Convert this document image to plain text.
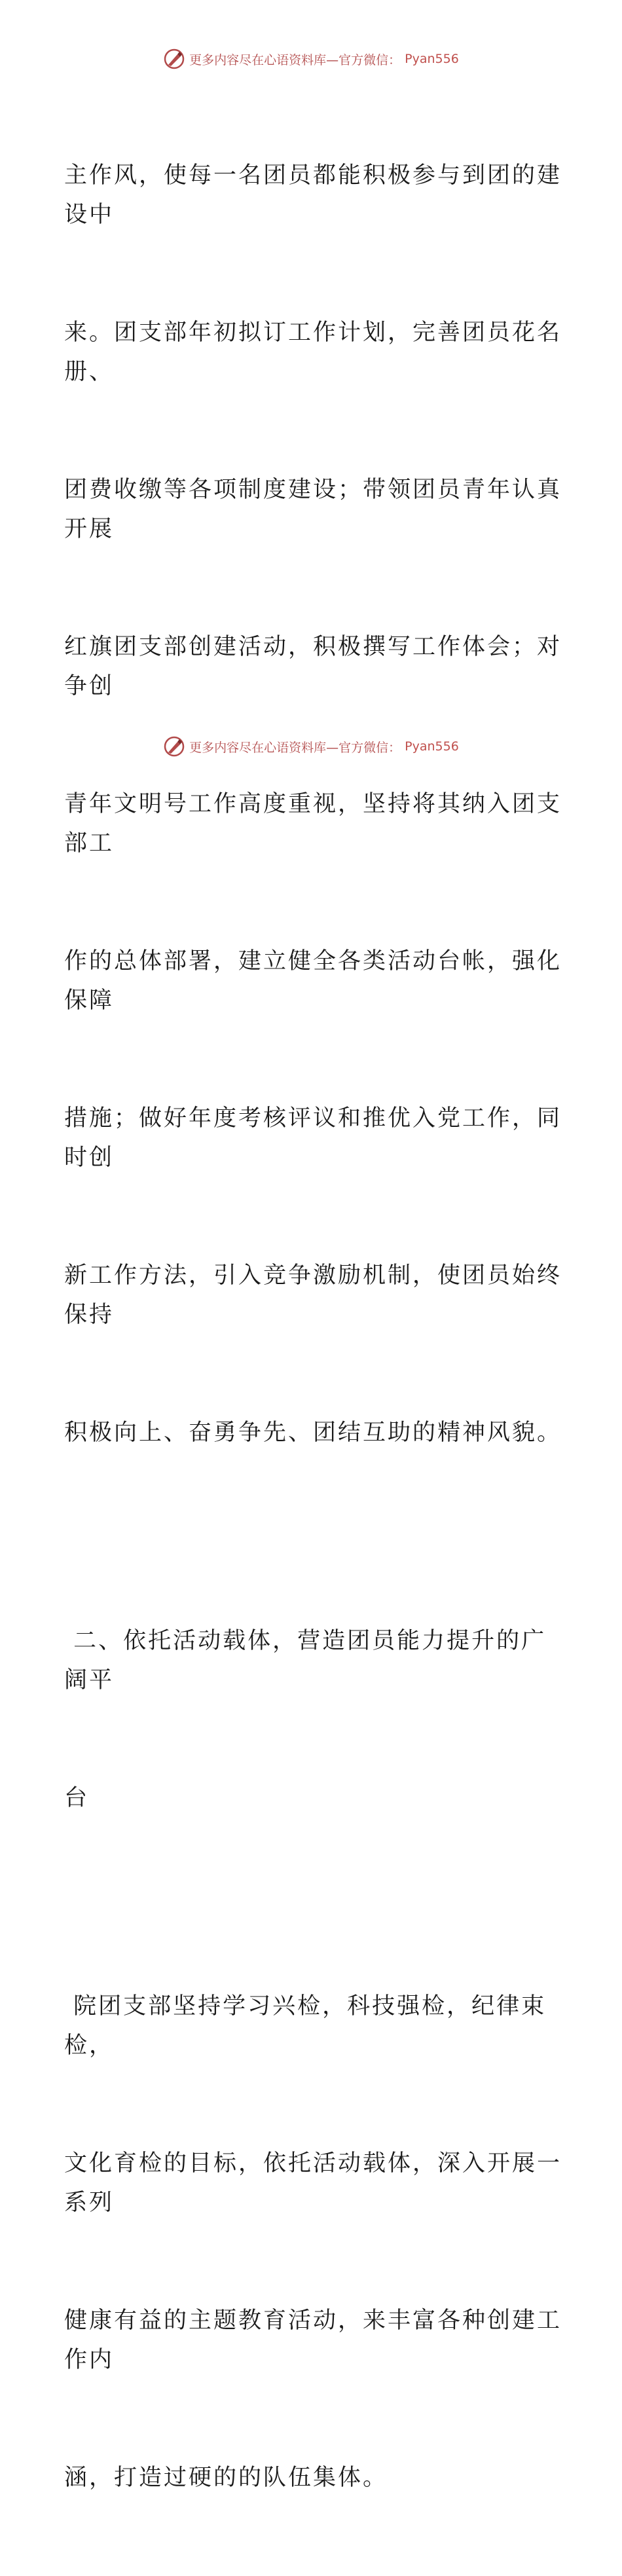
更多内容尽在心语资料库—官方微信： Pyan556

主作风，使每一名团员都能积极参与到团的建设中

来。团支部年初拟订工作计划，完善团员花名册、

团费收缴等各项制度建设；带领团员青年认真开展

红旗团支部创建活动，积极撰写工作体会；对争创

青年文明号工作高度重视，坚持将其纳入团支部工

作的总体部署，建立健全各类活动台帐，强化保障

措施；做好年度考核评议和推优入党工作，同时创

新工作方法，引入竞争激励机制，使团员始终保持

积极向上、奋勇争先、团结互助的精神风貌。

二、依托活动载体，营造团员能力提升的广阔平

台

院团支部坚持学习兴检，科技强检，纪律束检，

文化育检的目标，依托活动载体，深入开展一系列

健康有益的主题教育活动，来丰富各种创建工作内

涵，打造过硬的的队伍集体。

更多内容尽在心语资料库—官方微信： Pyan556
